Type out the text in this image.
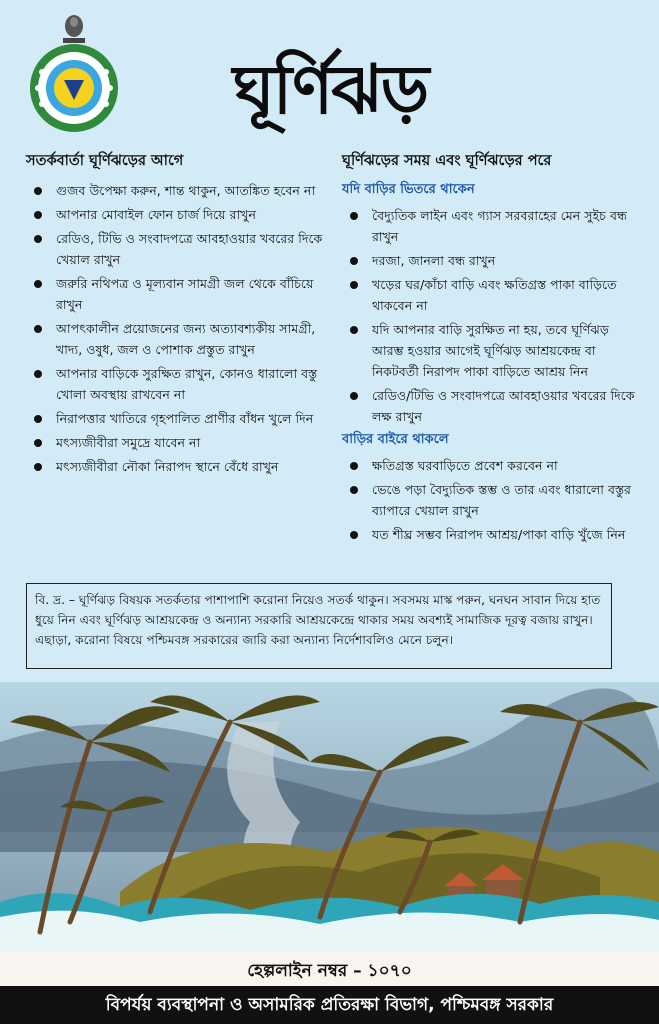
ঘূর্ণিঝড়
সতর্কবার্তা ঘূর্ণিঝড়ের আগে
গুজব উপেক্ষা করুন, শান্ত থাকুন, আতঙ্কিত হবেন না
আপনার মোবাইল ফোন চার্জ দিয়ে রাখুন
রেডিও, টিভি ও সংবাদপত্রে আবহাওয়ার খবরের দিকে খেয়াল রাখুন
জরুরি নথিপত্র ও মূল্যবান সামগ্রী জল থেকে বাঁচিয়ে রাখুন
আপৎকালীন প্রয়োজনের জন্য অত্যাবশ্যকীয় সামগ্রী, খাদ্য, ওষুধ, জল ও পোশাক প্রস্তুত রাখুন
আপনার বাড়িকে সুরক্ষিত রাখুন, কোনও ধারালো বস্তু খোলা অবস্থায় রাখবেন না
নিরাপত্তার খাতিরে গৃহপালিত প্রাণীর বাঁধন খুলে দিন
মৎস্যজীবীরা সমুদ্রে যাবেন না
মৎস্যজীবীরা নৌকা নিরাপদ স্থানে বেঁধে রাখুন
ঘূর্ণিঝড়ের সময় এবং ঘূর্ণিঝড়ের পরে
যদি বাড়ির ভিতরে থাকেন
বৈদ্যুতিক লাইন এবং গ্যাস সরবরাহের মেন সুইচ বন্ধ রাখুন
দরজা, জানলা বন্ধ রাখুন
খড়ের ঘর/কাঁচা বাড়ি এবং ক্ষতিগ্রস্ত পাকা বাড়িতে থাকবেন না
যদি আপনার বাড়ি সুরক্ষিত না হয়, তবে ঘূর্ণিঝড় আরম্ভ হওয়ার আগেই ঘূর্ণিঝড় আশ্রয়কেন্দ্র বা নিকটবর্তী নিরাপদ পাকা বাড়িতে আশ্রয় নিন
রেডিও/টিভি ও সংবাদপত্রে আবহাওয়ার খবরের দিকে লক্ষ রাখুন
বাড়ির বাইরে থাকলে
ক্ষতিগ্রস্ত ঘরবাড়িতে প্রবেশ করবেন না
ভেঙে পড়া বৈদ্যুতিক স্তম্ভ ও তার এবং ধারালো বস্তুর ব্যাপারে খেয়াল রাখুন
যত শীঘ্র সম্ভব নিরাপদ আশ্রয়/পাকা বাড়ি খুঁজে নিন
বি. দ্র. – ঘূর্ণিঝড় বিষয়ক সতর্কতার পাশাপাশি করোনা নিয়েও সতর্ক থাকুন। সবসময় মাস্ক পরুন, ঘনঘন সাবান দিয়ে হাত ধুয়ে নিন এবং ঘূর্ণিঝড় আশ্রয়কেন্দ্র ও অন্যান্য সরকারি আশ্রয়কেন্দ্রে থাকার সময় অবশ্যই সামাজিক দূরত্ব বজায় রাখুন। এছাড়া, করোনা বিষয়ে পশ্চিমবঙ্গ সরকারের জারি করা অন্যান্য নির্দেশাবলিও মেনে চলুন।
হেল্পলাইন নম্বর – ১০৭০
বিপর্যয় ব্যবস্থাপনা ও অসামরিক প্রতিরক্ষা বিভাগ, পশ্চিমবঙ্গ সরকার
